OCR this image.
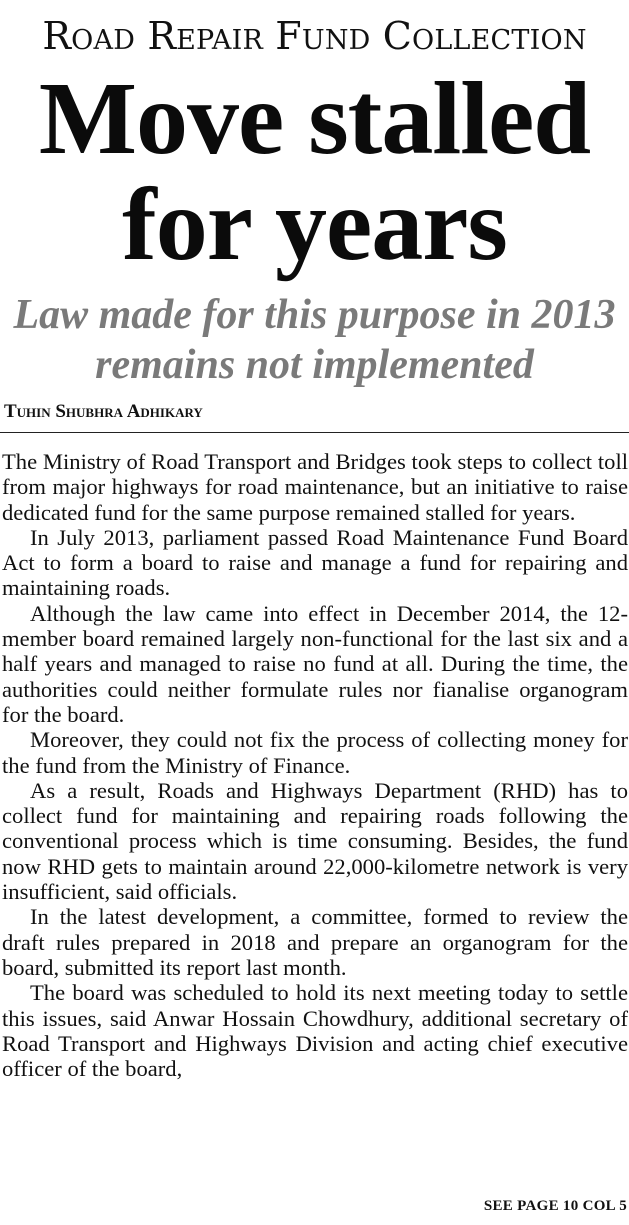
Road Repair Fund Collection
Move stalled for years
Law made for this purpose in 2013 remains not implemented
Tuhin Shubhra Adhikary

The Ministry of Road Transport and Bridges took steps to collect toll from major highways for road maintenance, but an initiative to raise dedicated fund for the same purpose remained stalled for years.

In July 2013, parliament passed Road Maintenance Fund Board Act to form a board to raise and manage a fund for repairing and maintaining roads.

Although the law came into effect in December 2014, the 12-member board remained largely non-functional for the last six and a half years and managed to raise no fund at all. During the time, the authorities could neither formulate rules nor fianalise organogram for the board.

Moreover, they could not fix the process of collecting money for the fund from the Ministry of Finance.

As a result, Roads and Highways Department (RHD) has to collect fund for maintaining and repairing roads following the conventional process which is time consuming. Besides, the fund now RHD gets to maintain around 22,000-kilometre network is very insufficient, said officials.

In the latest development, a committee, formed to review the draft rules prepared in 2018 and prepare an organogram for the board, submitted its report last month.

The board was scheduled to hold its next meeting today to settle this issues, said Anwar Hossain Chowdhury, additional secretary of Road Transport and Highways Division and acting chief executive officer of the board,

SEE PAGE 10 COL 5
